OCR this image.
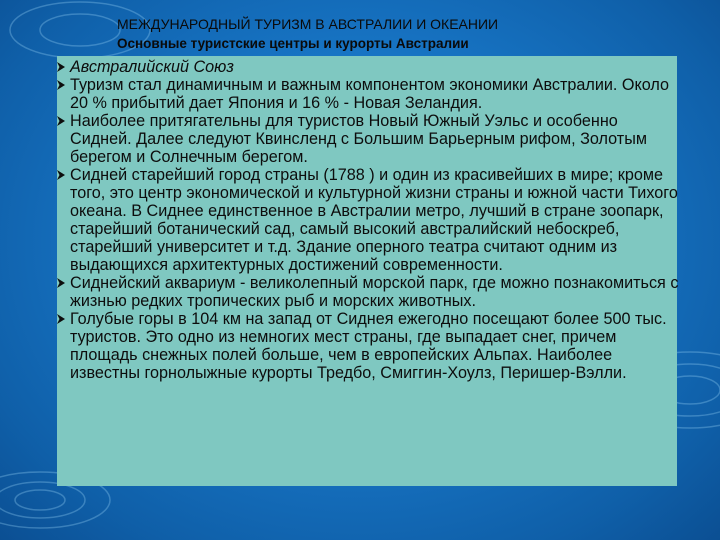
МЕЖДУНАРОДНЫЙ ТУРИЗМ В АВСТРАЛИИ И ОКЕАНИИ
Основные туристские центры и курорты Австралии
Австралийский Союз
Туризм стал динамичным и важным компонентом экономики Австралии. Около 20 % прибытий дает Япония и 16 % - Новая Зеландия.
Наиболее притягательны для туристов Новый Южный Уэльс и особенно Сидней. Далее следуют Квинсленд с Большим Барьерным рифом, Золотым берегом и Солнечным берегом.
Сидней старейший город страны (1788 ) и один из красивейших в мире; кроме того, это центр экономической и культурной жизни страны и южной части Тихого океана. В Сиднее единственное в Австралии метро, лучший в стране зоопарк, старейший ботанический сад, самый высокий австралийский небоскреб, старейший университет и т.д. Здание оперного театра считают одним из выдающихся архитектурных достижений современности.
Сиднейский аквариум - великолепный морской парк, где можно познакомиться с жизнью редких тропических рыб и морских животных.
Голубые горы в 104 км на запад от Сиднея ежегодно посещают более 500 тыс. туристов. Это одно из немногих мест страны, где выпадает снег, причем площадь снежных полей больше, чем в европейских Альпах. Наиболее известны горнолыжные курорты Тредбо, Смиггин-Хоулз, Перишер-Вэлли.
